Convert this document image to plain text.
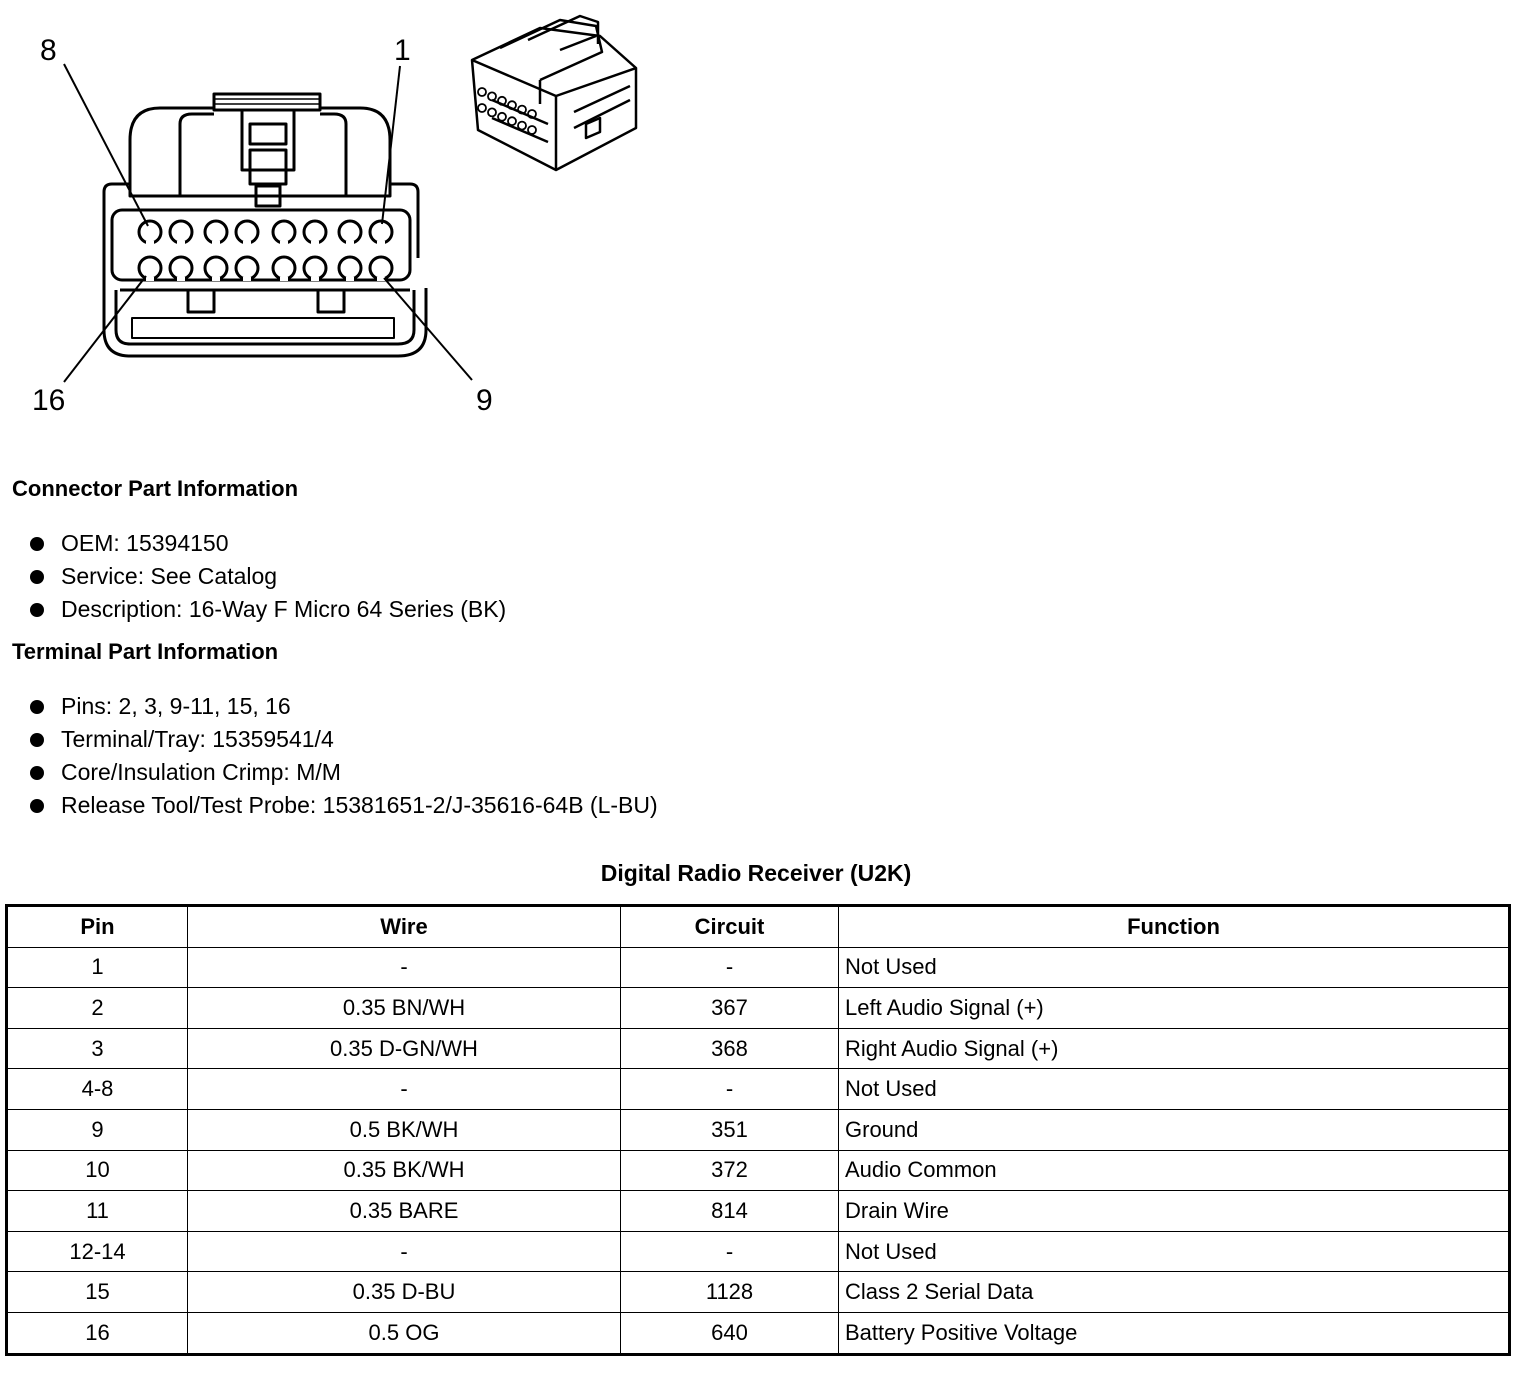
8	1
16	9
Connector Part Information
OEM: 15394150
Service: See Catalog
Description: 16-Way F Micro 64 Series (BK)
Terminal Part Information
Pins: 2, 3, 9-11, 15, 16
Terminal/Tray: 15359541/4
Core/Insulation Crimp: M/M
Release Tool/Test Probe: 15381651-2/J-35616-64B (L-BU)
Digital Radio Receiver (U2K)
Pin	Wire	Circuit	Function
1	-	-	Not Used
2	0.35 BN/WH	367	Left Audio Signal (+)
3	0.35 D-GN/WH	368	Right Audio Signal (+)
4-8	-	-	Not Used
9	0.5 BK/WH	351	Ground
10	0.35 BK/WH	372	Audio Common
11	0.35 BARE	814	Drain Wire
12-14	-	-	Not Used
15	0.35 D-BU	1128	Class 2 Serial Data
16	0.5 OG	640	Battery Positive Voltage
